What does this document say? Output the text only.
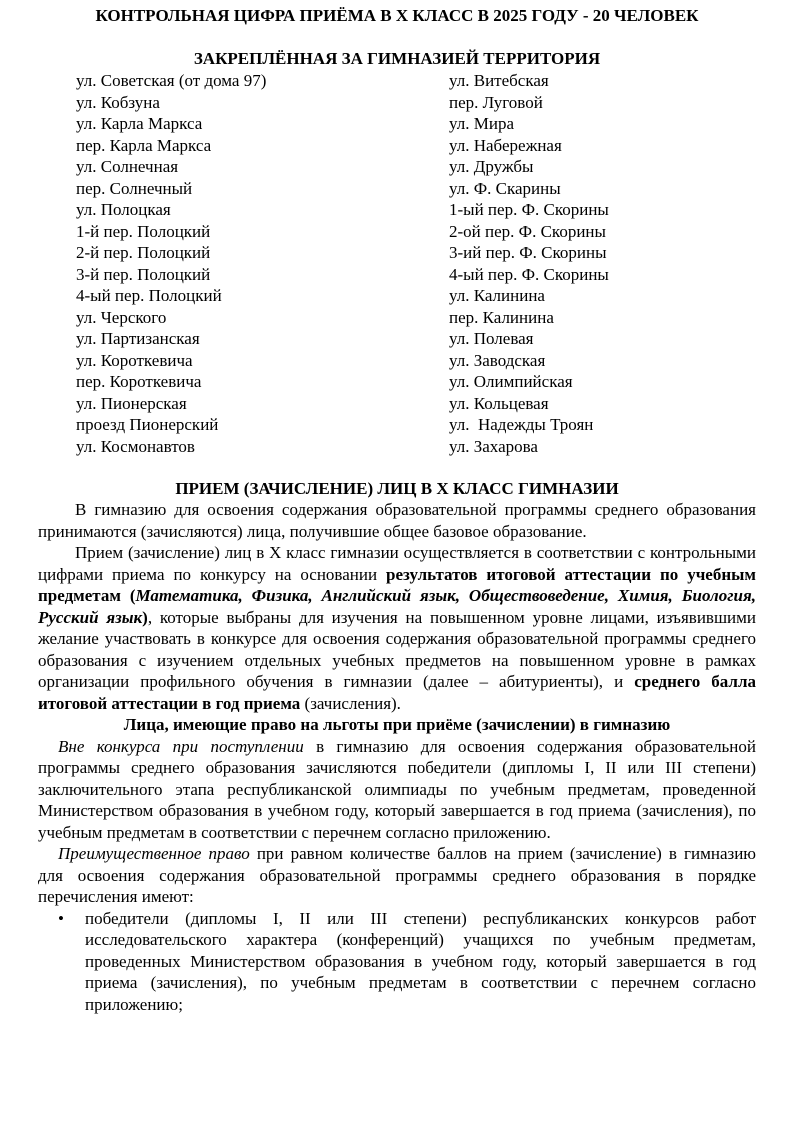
КОНТРОЛЬНАЯ ЦИФРА ПРИЁМА В X КЛАСС В 2025 ГОДУ - 20 ЧЕЛОВЕК
ЗАКРЕПЛЁННАЯ ЗА ГИМНАЗИЕЙ ТЕРРИТОРИЯ
ул. Советская (от дома 97)
ул. Кобзуна
ул. Карла Маркса
пер. Карла Маркса
ул. Солнечная
пер. Солнечный
ул. Полоцкая
1-й пер. Полоцкий
2-й пер. Полоцкий
3-й пер. Полоцкий
4-ый пер. Полоцкий
ул. Черского
ул. Партизанская
ул. Короткевича
пер. Короткевича
ул. Пионерская
проезд Пионерский
ул. Космонавтов
ул. Витебская
пер. Луговой
ул. Мира
ул. Набережная
ул. Дружбы
ул. Ф. Скарины
1-ый пер. Ф. Скорины
2-ой пер. Ф. Скорины
3-ий пер. Ф. Скорины
4-ый пер. Ф. Скорины
ул. Калинина
пер. Калинина
ул. Полевая
ул. Заводская
ул. Олимпийская
ул. Кольцевая
ул.  Надежды Троян
ул. Захарова
ПРИЕМ (ЗАЧИСЛЕНИЕ) ЛИЦ В X КЛАСС ГИМНАЗИИ

В гимназию для освоения содержания образовательной программы среднего образования принимаются (зачисляются) лица, получившие общее базовое образование.

Прием (зачисление) лиц в X класс гимназии осуществляется в соответствии с контрольными цифрами приема по конкурсу на основании результатов итоговой аттестации по учебным предметам (Математика, Физика, Английский язык, Обществоведение, Химия, Биология, Русский язык), которые выбраны для изучения на повышенном уровне лицами, изъявившими желание участвовать в конкурсе для освоения содержания образовательной программы среднего образования с изучением отдельных учебных предметов на повышенном уровне в рамках организации профильного обучения в гимназии (далее – абитуриенты), и среднего балла итоговой аттестации в год приема (зачисления).

Лица, имеющие право на льготы при приёме (зачислении) в гимназию

Вне конкурса при поступлении в гимназию для освоения содержания образовательной программы среднего образования зачисляются победители (дипломы I, II или III степени) заключительного этапа республиканской олимпиады по учебным предметам, проведенной Министерством образования в учебном году, который завершается в год приема (зачисления), по учебным предметам в соответствии с перечнем согласно приложению.

Преимущественное право при равном количестве баллов на прием (зачисление) в гимназию для освоения содержания образовательной программы среднего образования в порядке перечисления имеют:

• победители (дипломы I, II или III степени) республиканских конкурсов работ исследовательского характера (конференций) учащихся по учебным предметам, проведенных Министерством образования в учебном году, который завершается в год приема (зачисления), по учебным предметам в соответствии с перечнем согласно приложению;
